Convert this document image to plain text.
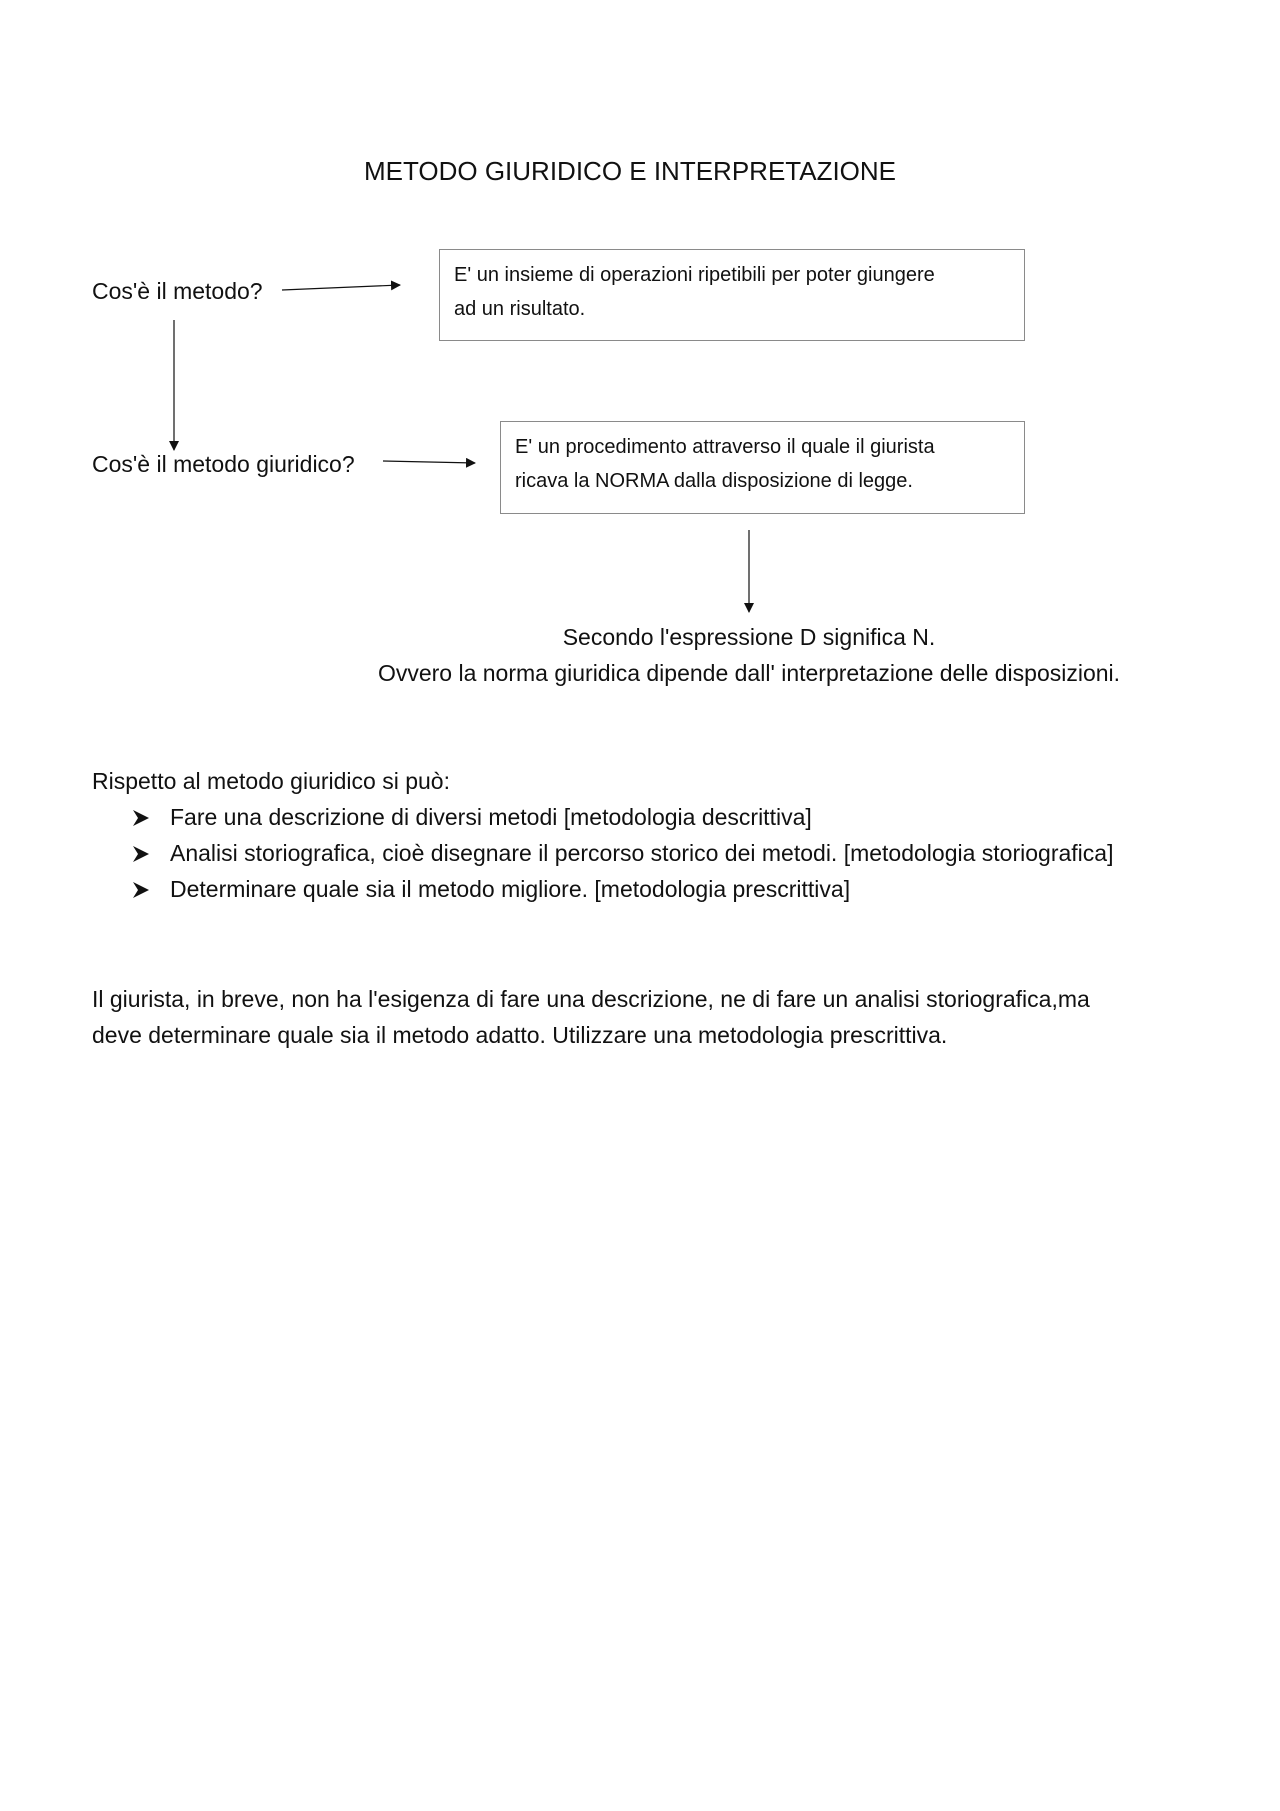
METODO GIURIDICO E INTERPRETAZIONE
Cos'è il metodo?
E' un insieme di operazioni ripetibili per poter giungere
ad un risultato.
Cos'è il metodo giuridico?
E' un procedimento attraverso il quale il giurista
ricava la NORMA dalla disposizione di legge.
Secondo l'espressione D significa N.
Ovvero la norma giuridica dipende dall' interpretazione delle disposizioni.
Rispetto al metodo giuridico si può:
Fare una descrizione di diversi metodi [metodologia descrittiva]
Analisi storiografica, cioè disegnare il percorso storico dei metodi. [metodologia storiografica]
Determinare quale sia il metodo migliore. [metodologia prescrittiva]
Il giurista, in breve, non ha l'esigenza di fare una descrizione, ne di fare un analisi storiografica,ma
deve determinare quale sia il metodo adatto. Utilizzare una metodologia prescrittiva.
